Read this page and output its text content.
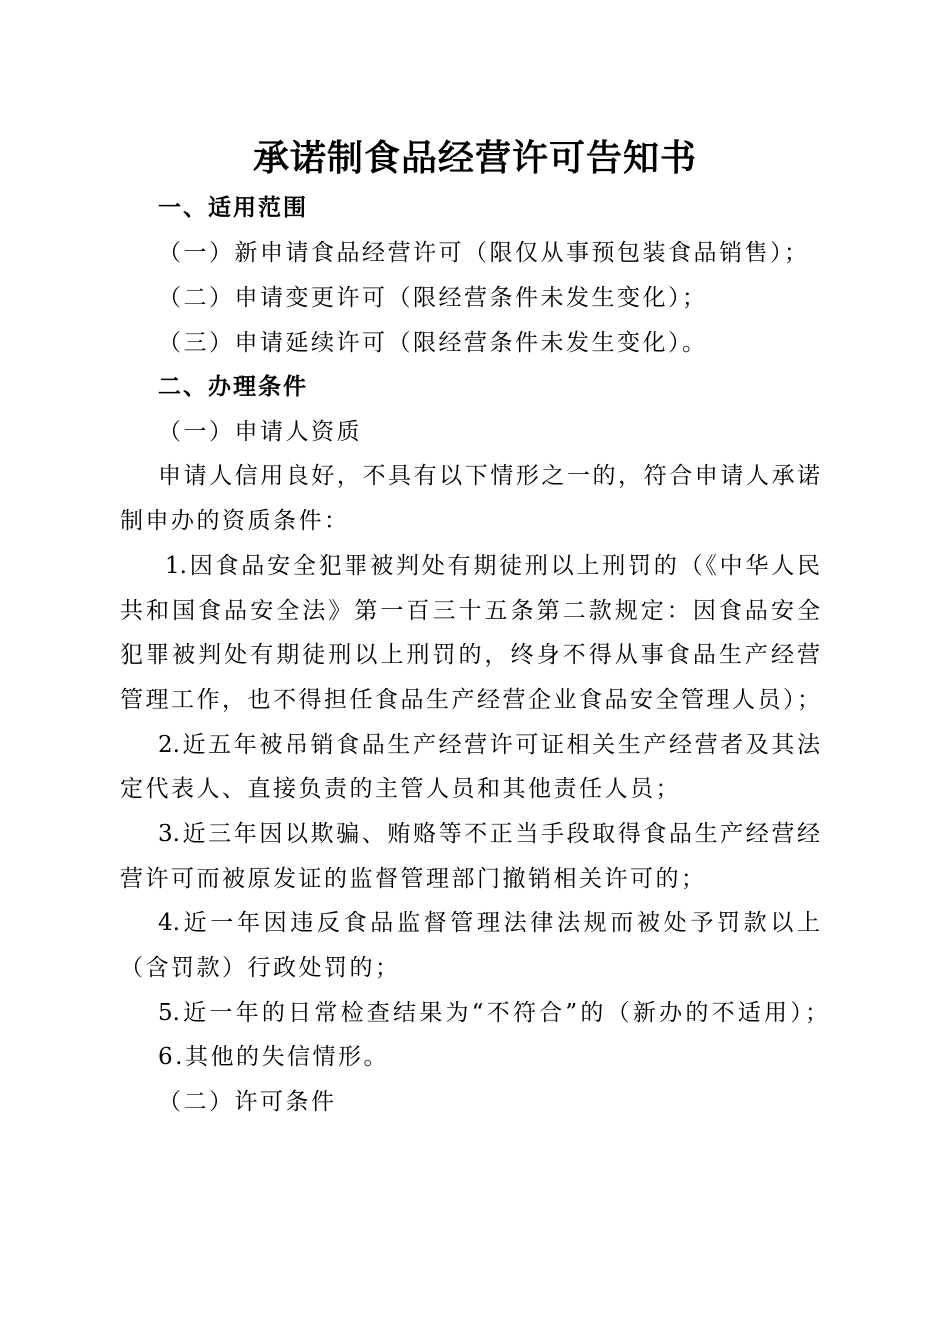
承诺制食品经营许可告知书
一、适用范围
（一）新申请食品经营许可（限仅从事预包装食品销售）；
（二）申请变更许可（限经营条件未发生变化）；
（三）申请延续许可（限经营条件未发生变化）。
二、办理条件
（一）申请人资质
申请人信用良好，不具有以下情形之一的，符合申请人承诺
制申办的资质条件：
1.因食品安全犯罪被判处有期徒刑以上刑罚的（《中华人民
共和国食品安全法》第一百三十五条第二款规定：因食品安全
犯罪被判处有期徒刑以上刑罚的，终身不得从事食品生产经营
管理工作，也不得担任食品生产经营企业食品安全管理人员）；
2.近五年被吊销食品生产经营许可证相关生产经营者及其法
定代表人、直接负责的主管人员和其他责任人员；
3.近三年因以欺骗、贿赂等不正当手段取得食品生产经营经
营许可而被原发证的监督管理部门撤销相关许可的；
4.近一年因违反食品监督管理法律法规而被处予罚款以上
（含罚款）行政处罚的；
5.近一年的日常检查结果为“不符合”的（新办的不适用）；
6.其他的失信情形。
（二）许可条件
